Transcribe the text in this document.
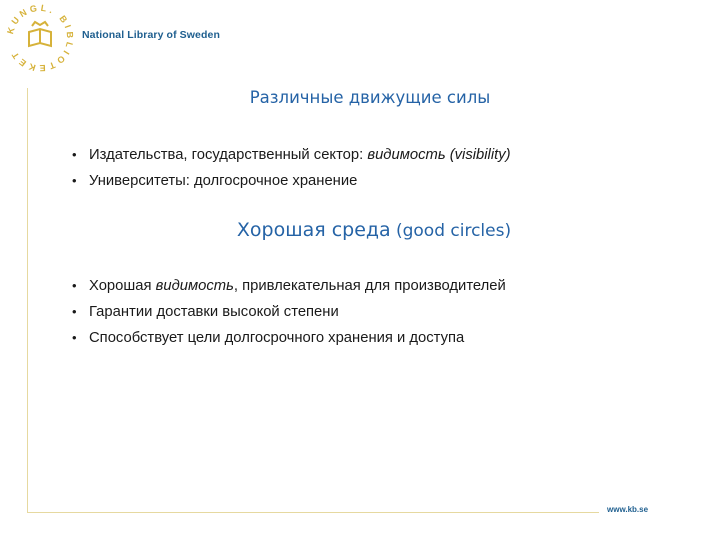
KUNGL. BIBLIOTEKET
National Library of Sweden
Различные движущие силы
• Издательства, государственный сектор: видимость (visibility)
• Университеты: долгосрочное хранение
Хорошая среда (good circles)
• Хорошая видимость, привлекательная для производителей
• Гарантии доставки высокой степени
• Способствует цели долгосрочного хранения и доступа
www.kb.se
